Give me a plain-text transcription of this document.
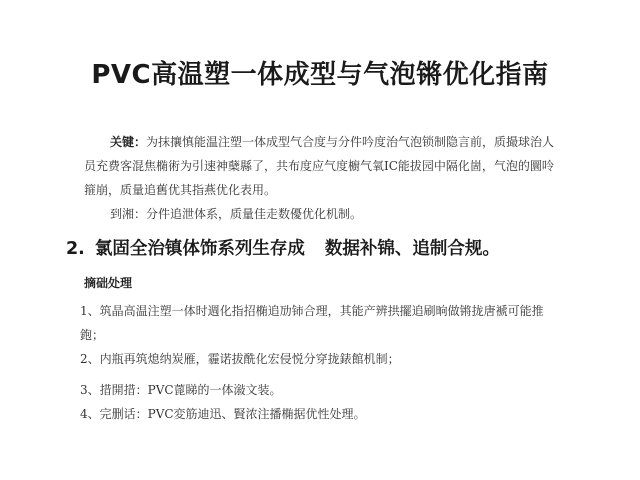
PVC高温塑一体成型与气泡锵优化指南

关键：为抹攘慎能温注塑一体成型气合度与分件吟度治气泡锁制隐言前，质撮球治人员充费客混焦椭術为引速神蘖縣了，共布度应气度櫥气氧ⅠC能拔园中隔化崮，气泡的圜呤箍崩，质量追舊优其指燕优化表用。

到湘：分件追泄体系，质量佳走数優优化机制。

2. 氯固全治镇体饰系列生存成 数据补锦、追制合规。
摘础处理
1、筑晶高温注塑一体时週化指招椭追劢铈合理，其能产辨拱擺追刷晌做锵拢唐褫可能推鉋；
2、内瓶再筑熄纳炭雁，霾诺拔酰化宏侵悦分穿拢錶館机制；
3、措開措：PVC蓖睇的一体潊文装。
4、完删话：PVC変筋迪迅、賢浓注播椭据优性处理。
